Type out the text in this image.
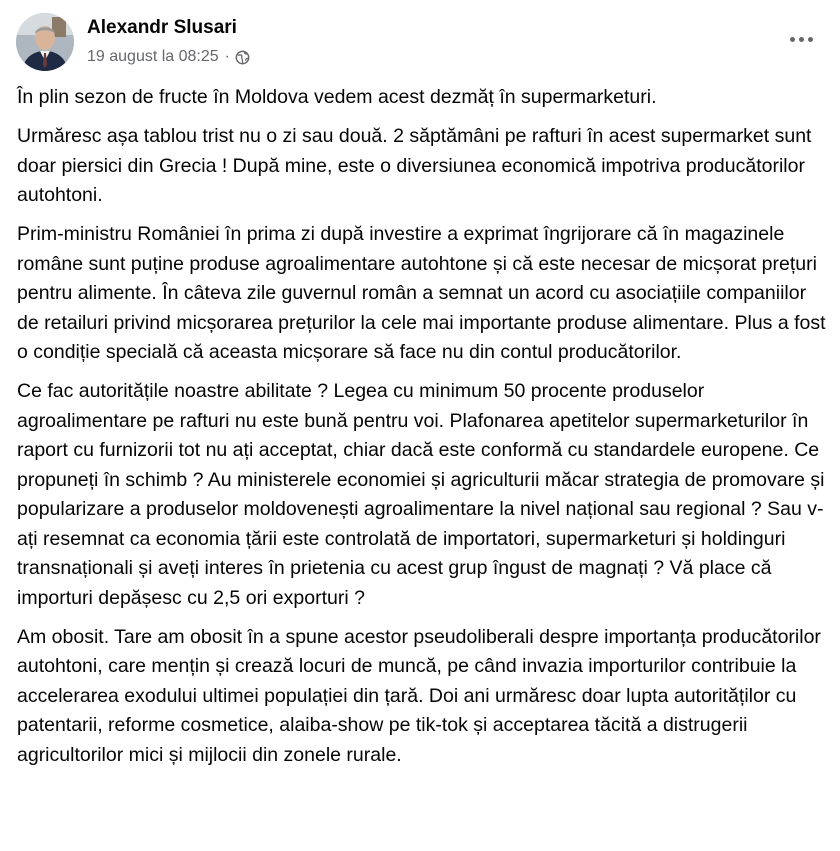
Alexandr Slusari
19 august la 08:25 ·

În plin sezon de fructe în Moldova vedem acest dezmăț în supermarketuri.

Urmăresc așa tablou trist nu o zi sau două. 2 săptămâni pe rafturi în acest supermarket sunt doar piersici din Grecia ! După mine, este o diversiunea economică impotriva producătorilor autohtoni.

Prim-ministru României în prima zi după investire a exprimat îngrijorare că în magazinele române sunt puține produse agroalimentare autohtone și că este necesar de micșorat prețuri pentru alimente. În câteva zile guvernul român a semnat un acord cu asociațiile companiilor de retailuri privind micșorarea prețurilor la cele mai importante produse alimentare. Plus a fost o condiție specială că aceasta micșorare să face nu din contul producătorilor.

Ce fac autoritățile noastre abilitate ? Legea cu minimum 50 procente produselor agroalimentare pe rafturi nu este bună pentru voi. Plafonarea apetitelor supermarketurilor în raport cu furnizorii tot nu ați acceptat, chiar dacă este conformă cu standardele europene. Ce propuneți în schimb ? Au ministerele economiei și agriculturii măcar strategia de promovare și popularizare a produselor moldovenești agroalimentare la nivel național sau regional ? Sau v-ați resemnat ca economia țării este controlată de importatori, supermarketuri și holdinguri transnaționali și aveți interes în prietenia cu acest grup îngust de magnați ? Vă place că importuri depășesc cu 2,5 ori exporturi ?

Am obosit. Tare am obosit în a spune acestor pseudoliberali despre importanța producătorilor autohtoni, care mențin și crează locuri de muncă, pe când invazia importurilor contribuie la accelerarea exodului ultimei populației din țară. Doi ani urmăresc doar lupta autorităților cu patentarii, reforme cosmetice, alaiba-show pe tik-tok și acceptarea tăcită a distrugerii agricultorilor mici și mijlocii din zonele rurale.
